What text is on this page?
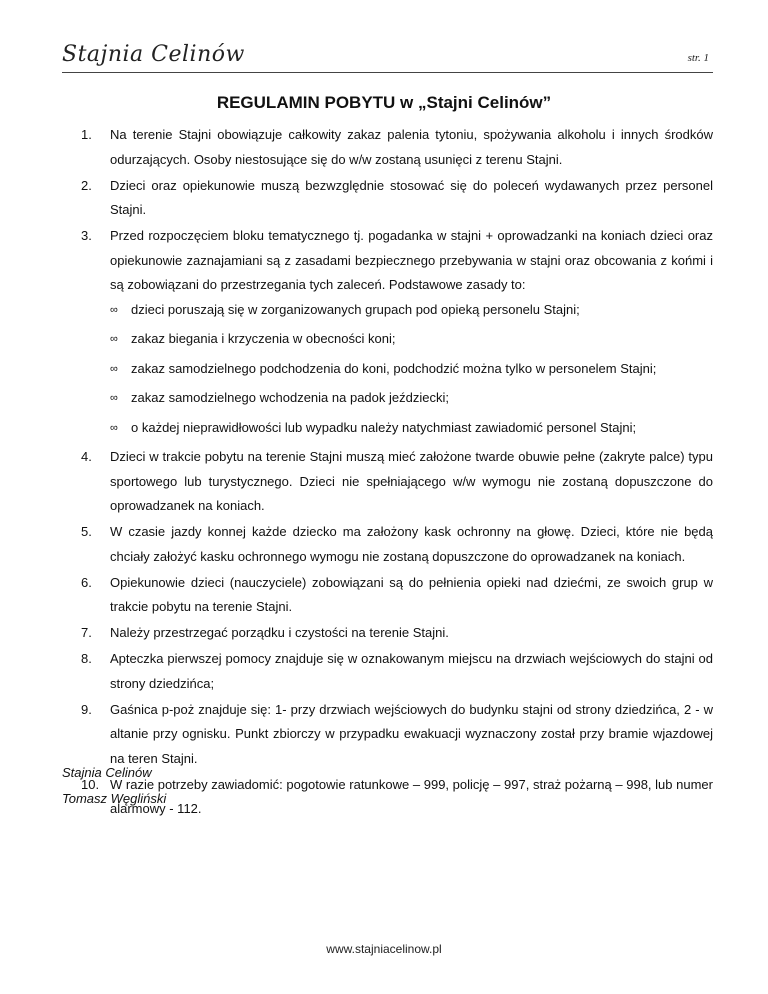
Stajnia Celinów	str. 1
REGULAMIN POBYTU w „Stajni Celinów”
1. Na terenie Stajni obowiązuje całkowity zakaz palenia tytoniu, spożywania alkoholu i innych środków odurzających. Osoby niestosujące się do w/w zostaną usunięci z terenu Stajni.
2. Dzieci oraz opiekunowie muszą bezwzględnie stosować się do poleceń wydawanych przez personel Stajni.
3. Przed rozpoczęciem bloku tematycznego tj. pogadanka w stajni + oprowadzanki na koniach dzieci oraz opiekunowie zaznajamiani są z zasadami bezpiecznego przebywania w stajni oraz obcowania z końmi i są zobowiązani do przestrzegania tych zaleceń. Podstawowe zasady to:
∞ dzieci poruszają się w zorganizowanych grupach pod opieką personelu Stajni;
∞ zakaz biegania i krzyczenia w obecności koni;
∞ zakaz samodzielnego podchodzenia do koni, podchodzić można tylko w personelem Stajni;
∞ zakaz samodzielnego wchodzenia na padok jeździecki;
∞ o każdej nieprawidłowości lub wypadku należy natychmiast zawiadomić personel Stajni;
4. Dzieci w trakcie pobytu na terenie Stajni muszą mieć założone twarde obuwie pełne (zakryte palce) typu sportowego lub turystycznego. Dzieci nie spełniającego w/w wymogu nie zostaną dopuszczone do oprowadzanek na koniach.
5. W czasie jazdy konnej każde dziecko ma założony kask ochronny na głowę. Dzieci, które nie będą chciały założyć kasku ochronnego wymogu nie zostaną dopuszczone do oprowadzanek na koniach.
6. Opiekunowie dzieci (nauczyciele) zobowiązani są do pełnienia opieki nad dziećmi, ze swoich grup w trakcie pobytu na terenie Stajni.
7. Należy przestrzegać porządku i czystości na terenie Stajni.
8. Apteczka pierwszej pomocy znajduje się w oznakowanym miejscu na drzwiach wejściowych do stajni od strony dziedzińca;
9. Gaśnica p-poż znajduje się: 1- przy drzwiach wejściowych do budynku stajni od strony dziedzińca, 2 - w altanie przy ognisku. Punkt zbiorczy w przypadku ewakuacji wyznaczony został przy bramie wjazdowej na teren Stajni.
10. W razie potrzeby zawiadomić: pogotowie ratunkowe – 999, policję – 997, straż pożarną – 998, lub numer alarmowy - 112.
Stajnia Celinów
Tomasz Węgliński
www.stajniacelinow.pl
